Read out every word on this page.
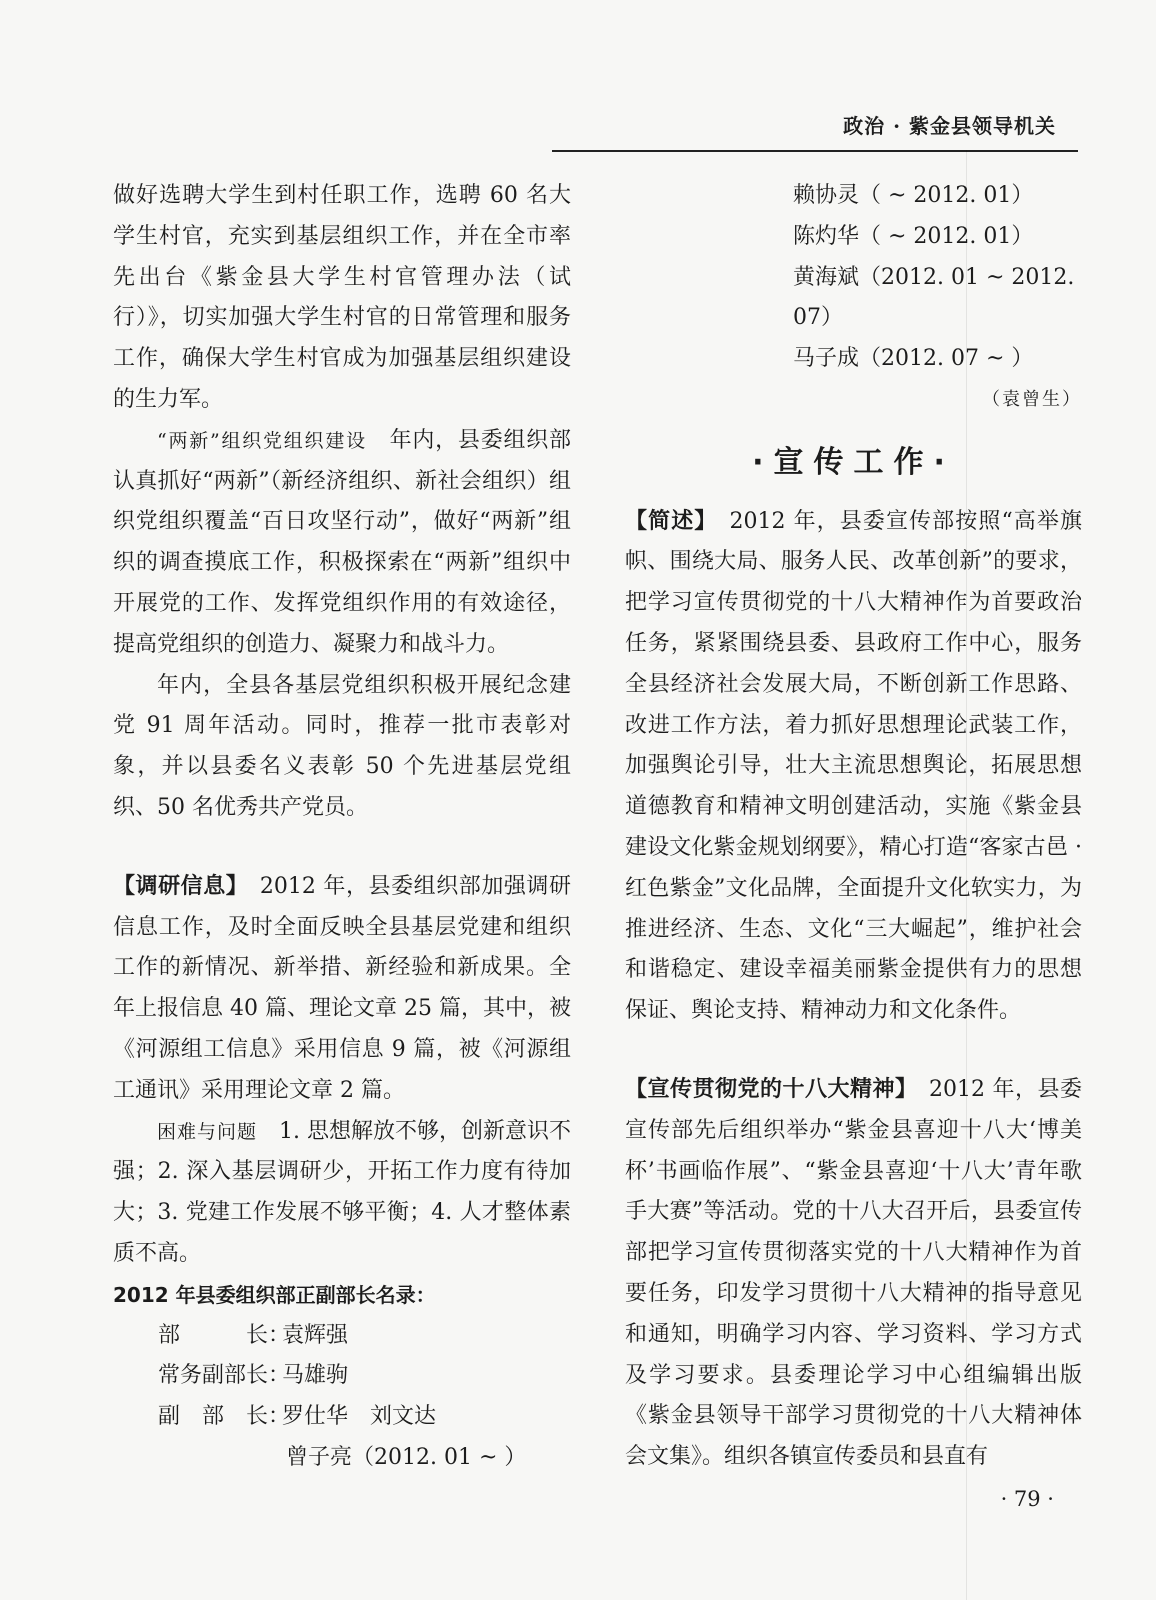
政治 · 紫金县领导机关

做好选聘大学生到村任职工作，选聘 60 名大学生村官，充实到基层组织工作，并在全市率先出台《紫金县大学生村官管理办法（试行）》，切实加强大学生村官的日常管理和服务工作，确保大学生村官成为加强基层组织建设的生力军。

“两新”组织党组织建设　年内，县委组织部认真抓好“两新”（新经济组织、新社会组织）组织党组织覆盖“百日攻坚行动”，做好“两新”组织的调查摸底工作，积极探索在“两新”组织中开展党的工作、发挥党组织作用的有效途径，提高党组织的创造力、凝聚力和战斗力。

年内，全县各基层党组织积极开展纪念建党 91 周年活动。同时，推荐一批市表彰对象，并以县委名义表彰 50 个先进基层党组织、50 名优秀共产党员。

【调研信息】　2012 年，县委组织部加强调研信息工作，及时全面反映全县基层党建和组织工作的新情况、新举措、新经验和新成果。全年上报信息 40 篇、理论文章 25 篇，其中，被《河源组工信息》采用信息 9 篇，被《河源组工通讯》采用理论文章 2 篇。

困难与问题　1. 思想解放不够，创新意识不强；2. 深入基层调研少，开拓工作力度有待加大；3. 党建工作发展不够平衡；4. 人才整体素质不高。

2012 年县委组织部正副部长名录：
部　　　长：
袁辉强
常务副部长：
马雄驹
副　部　长：
罗仕华　刘文达
曾子亮（2012. 01 ~ ）
赖协灵（ ~ 2012. 01）
陈灼华（ ~ 2012. 01）
黄海斌（2012. 01 ~ 2012. 07）
马子成（2012. 07 ~ ）
（袁曾生）
·宣传工作·

【简述】　2012 年，县委宣传部按照“高举旗帜、围绕大局、服务人民、改革创新”的要求，把学习宣传贯彻党的十八大精神作为首要政治任务，紧紧围绕县委、县政府工作中心，服务全县经济社会发展大局，不断创新工作思路、改进工作方法，着力抓好思想理论武装工作，加强舆论引导，壮大主流思想舆论，拓展思想道德教育和精神文明创建活动，实施《紫金县建设文化紫金规划纲要》，精心打造“客家古邑 · 红色紫金”文化品牌，全面提升文化软实力，为推进经济、生态、文化“三大崛起”，维护社会和谐稳定、建设幸福美丽紫金提供有力的思想保证、舆论支持、精神动力和文化条件。

【宣传贯彻党的十八大精神】　2012 年，县委宣传部先后组织举办“紫金县喜迎十八大‘博美杯’书画临作展”、“紫金县喜迎‘十八大’青年歌手大赛”等活动。党的十八大召开后，县委宣传部把学习宣传贯彻落实党的十八大精神作为首要任务，印发学习贯彻十八大精神的指导意见和通知，明确学习内容、学习资料、学习方式及学习要求。县委理论学习中心组编辑出版《紫金县领导干部学习贯彻党的十八大精神体会文集》。组织各镇宣传委员和县直有

· 79 ·
